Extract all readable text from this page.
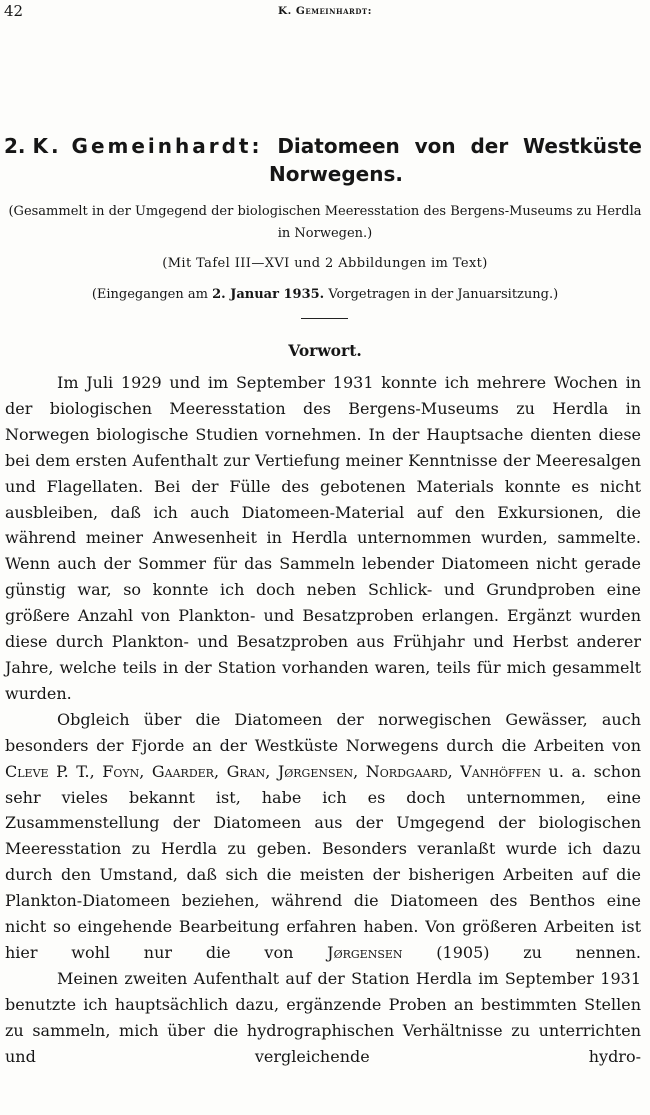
42	K. Gemeinhardt:
2. K. Gemeinhardt: Diatomeen von der Westküste
Norwegens.
(Gesammelt in der Umgegend der biologischen Meeresstation des Bergens-Museums zu Herdla in Norwegen.)
(Mit Tafel III—XVI und 2 Abbildungen im Text)
(Eingegangen am 2. Januar 1935. Vorgetragen in der Januarsitzung.)
Vorwort.

Im Juli 1929 und im September 1931 konnte ich mehrere Wochen in der biologischen Meeresstation des Bergens-Museums zu Herdla in Norwegen biologische Studien vornehmen. In der Hauptsache dienten diese bei dem ersten Aufenthalt zur Vertiefung meiner Kenntnisse der Meeresalgen und Flagellaten. Bei der Fülle des gebotenen Materials konnte es nicht ausbleiben, daß ich auch Diatomeen-Material auf den Exkursionen, die während meiner Anwesenheit in Herdla unternommen wurden, sammelte. Wenn auch der Sommer für das Sammeln lebender Diatomeen nicht gerade günstig war, so konnte ich doch neben Schlick- und Grundproben eine größere Anzahl von Plankton- und Besatzproben erlangen. Ergänzt wurden diese durch Plankton- und Besatzproben aus Frühjahr und Herbst anderer Jahre, welche teils in der Station vorhanden waren, teils für mich gesammelt wurden.

Obgleich über die Diatomeen der norwegischen Gewässer, auch besonders der Fjorde an der Westküste Norwegens durch die Arbeiten von Cleve P. T., Foyn, Gaarder, Gran, Jørgensen, Nordgaard, Vanhöffen u. a. schon sehr vieles bekannt ist, habe ich es doch unternommen, eine Zusammenstellung der Diatomeen aus der Umgegend der biologischen Meeresstation zu Herdla zu geben. Besonders veranlaßt wurde ich dazu durch den Umstand, daß sich die meisten der bisherigen Arbeiten auf die Plankton-Diatomeen beziehen, während die Diatomeen des Benthos eine nicht so eingehende Bearbeitung erfahren haben. Von größeren Arbeiten ist hier wohl nur die von Jørgensen (1905) zu nennen.

Meinen zweiten Aufenthalt auf der Station Herdla im September 1931 benutzte ich hauptsächlich dazu, ergänzende Proben an bestimmten Stellen zu sammeln, mich über die hydrographischen Verhältnisse zu unterrichten und vergleichende hydro-
